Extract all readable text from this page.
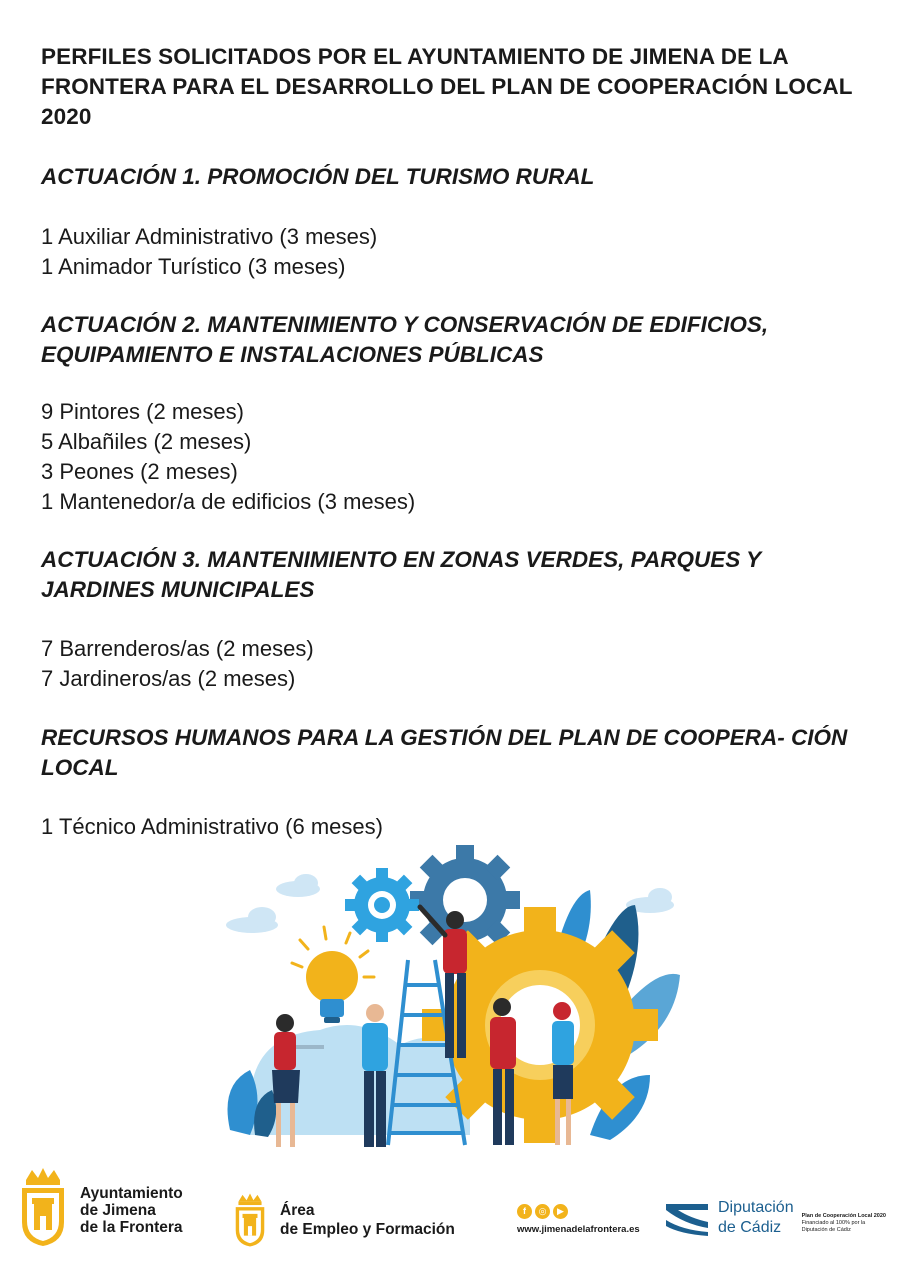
PERFILES SOLICITADOS POR EL AYUNTAMIENTO DE JIMENA DE LA FRONTERA PARA EL DESARROLLO DEL PLAN DE COOPERACIÓN LOCAL 2020
ACTUACIÓN 1. PROMOCIÓN DEL TURISMO RURAL
1 Auxiliar Administrativo (3 meses)
1 Animador Turístico (3 meses)
ACTUACIÓN 2. MANTENIMIENTO Y CONSERVACIÓN DE EDIFICIOS, EQUIPAMIENTO E INSTALACIONES PÚBLICAS
9 Pintores (2 meses)
5 Albañiles (2 meses)
3 Peones (2 meses)
1 Mantenedor/a de edificios (3 meses)
ACTUACIÓN 3. MANTENIMIENTO EN ZONAS VERDES, PARQUES Y JARDINES MUNICIPALES
7 Barrenderos/as (2 meses)
7 Jardineros/as (2 meses)
RECURSOS HUMANOS PARA LA GESTIÓN DEL PLAN DE COOPERA- CIÓN LOCAL
1 Técnico Administrativo (6 meses)
Ayuntamiento
de Jimena
de la Frontera
Área
de Empleo y Formación
f	◎	▶
www.jimenadelafrontera.es
Diputación
de Cádiz
Plan de Cooperación Local 2020
Financiado al 100% por la
Diputación de Cádiz
